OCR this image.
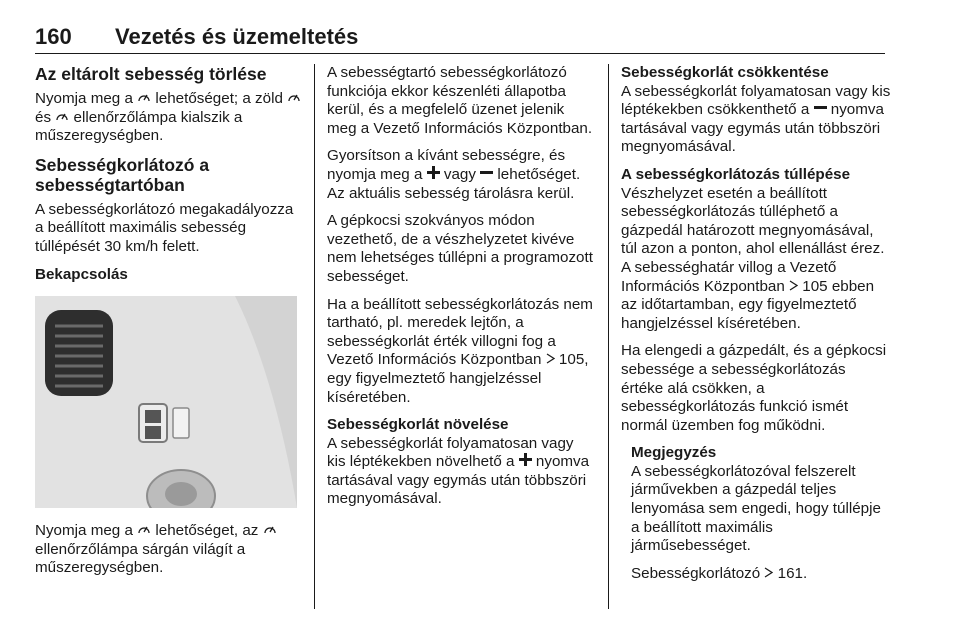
160 Vezetés és üzemeltetés
Az eltárolt sebesség törlése

Nyomja meg a lehetőséget; a zöld  és ellenőrzőlámpa kialszik a műszeregységben.

Sebességkorlátozó a sebességtartóban

A sebességkorlátozó megakadályozza a beállított maximális sebesség túllépését 30 km/h felett.

Bekapcsolás

Nyomja meg a lehetőséget, az  ellenőrzőlámpa sárgán világít a műszeregységben.

A sebességtartó sebességkorlátozó funkciója ekkor készenléti állapotba kerül, és a megfelelő üzenet jelenik meg a Vezető Információs Központban.

Gyorsítson a kívánt sebességre, és nyomja meg a vagy lehetőséget. Az aktuális sebesség tárolásra kerül.

A gépkocsi szokványos módon vezethető, de a vészhelyzetet kivéve nem lehetséges túllépni a programozott sebességet.

Ha a beállított sebességkorlátozás nem tartható, pl. meredek lejtőn, a sebességkorlát érték villogni fog a Vezető Információs Központban 105, egy figyelmeztető hangjelzéssel kíséretében.

Sebességkorlát növelése

A sebességkorlát folyamatosan vagy kis léptékekben növelhető a nyomva tartásával vagy egymás után többszöri megnyomásával.

Sebességkorlát csökkentése

A sebességkorlát folyamatosan vagy kis léptékekben csökkenthető a nyomva tartásával vagy egymás után többszöri megnyomásával.

A sebességkorlátozás túllépése

Vészhelyzet esetén a beállított sebességkorlátozás túlléphető a gázpedál határozott megnyomásával, túl azon a ponton, ahol ellenállást érez. A sebességhatár villog a Vezető Információs Központban 105 ebben az időtartamban, egy figyelmeztető hangjelzéssel kíséretében.

Ha elengedi a gázpedált, és a gépkocsi sebessége a sebességkorlátozás értéke alá csökken, a sebességkorlátozás funkció ismét normál üzemben fog működni.

Megjegyzés

A sebességkorlátozóval felszerelt járművekben a gázpedál teljes lenyomása sem engedi, hogy túllépje a beállított maximális járműsebességet.

Sebességkorlátozó 161.
